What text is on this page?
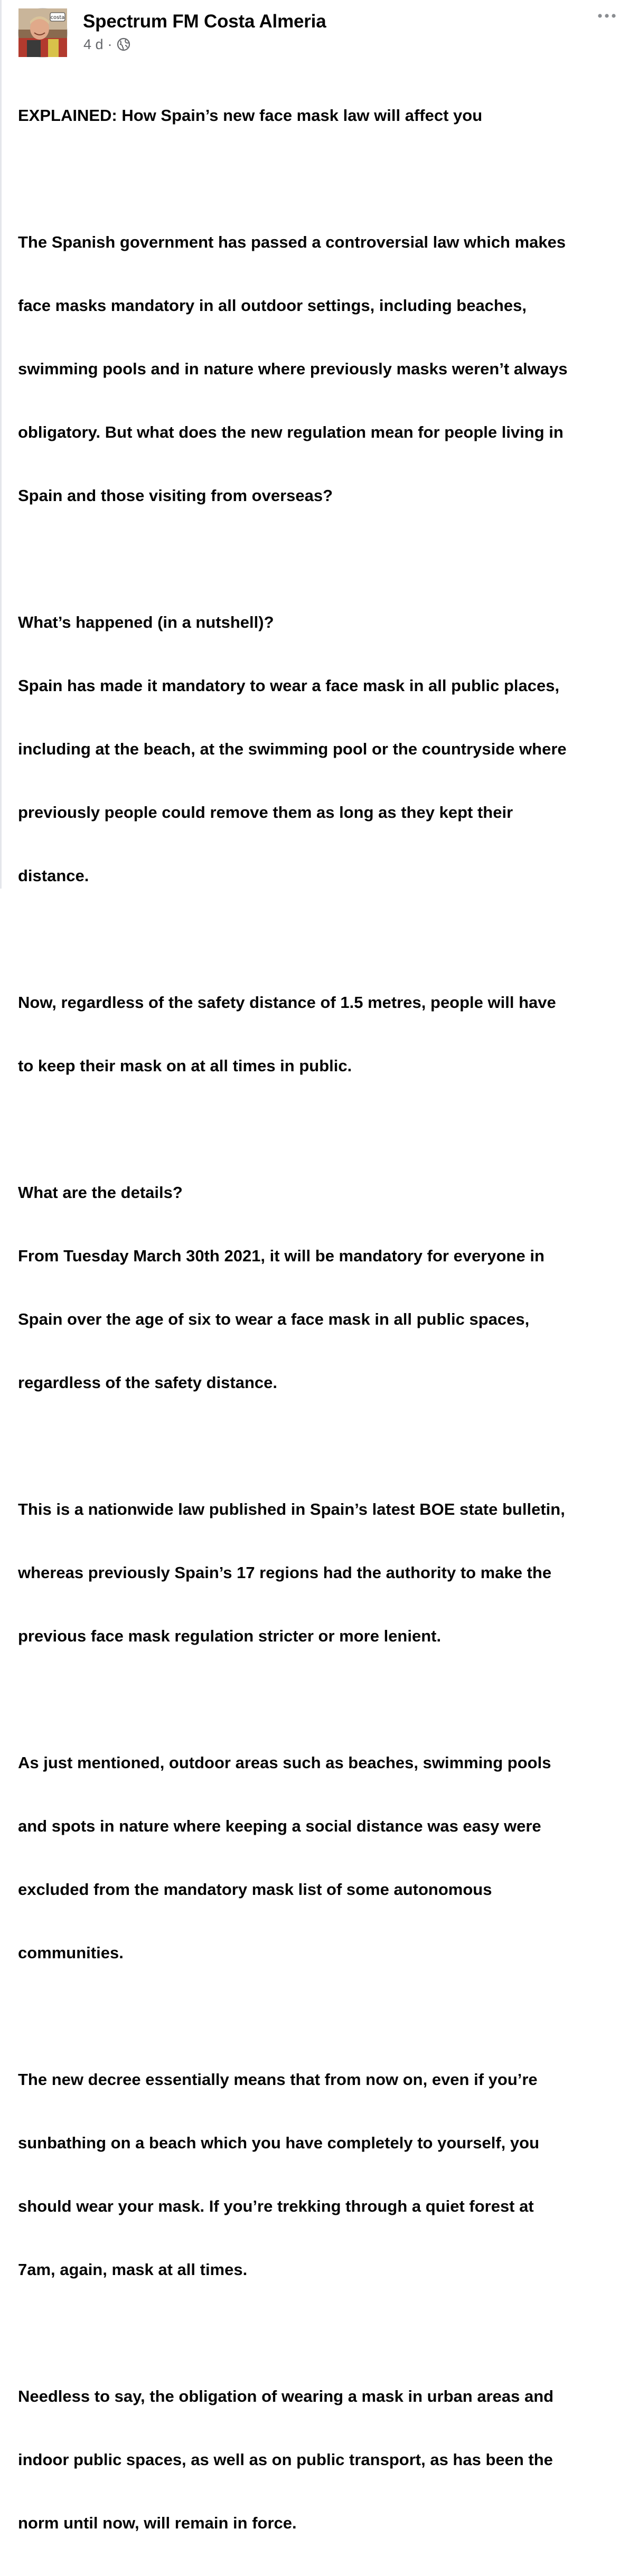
costa Spectrum FM Costa Almeria
4 d ·

EXPLAINED: How Spain’s new face mask law will affect you

The Spanish government has passed a controversial law which makes

face masks mandatory in all outdoor settings, including beaches,

swimming pools and in nature where previously masks weren’t always

obligatory. But what does the new regulation mean for people living in

Spain and those visiting from overseas?

What’s happened (in a nutshell)?

Spain has made it mandatory to wear a face mask in all public places,

including at the beach, at the swimming pool or the countryside where

previously people could remove them as long as they kept their

distance.

Now, regardless of the safety distance of 1.5 metres, people will have

to keep their mask on at all times in public.

What are the details?

From Tuesday March 30th 2021, it will be mandatory for everyone in

Spain over the age of six to wear a face mask in all public spaces,

regardless of the safety distance.

This is a nationwide law published in Spain’s latest BOE state bulletin,

whereas previously Spain’s 17 regions had the authority to make the

previous face mask regulation stricter or more lenient.

As just mentioned, outdoor areas such as beaches, swimming pools

and spots in nature where keeping a social distance was easy were

excluded from the mandatory mask list of some autonomous

communities.

The new decree essentially means that from now on, even if you’re

sunbathing on a beach which you have completely to yourself, you

should wear your mask. If you’re trekking through a quiet forest at

7am, again, mask at all times.

Needless to say, the obligation of wearing a mask in urban areas and

indoor public spaces, as well as on public transport, as has been the

norm until now, will remain in force.
